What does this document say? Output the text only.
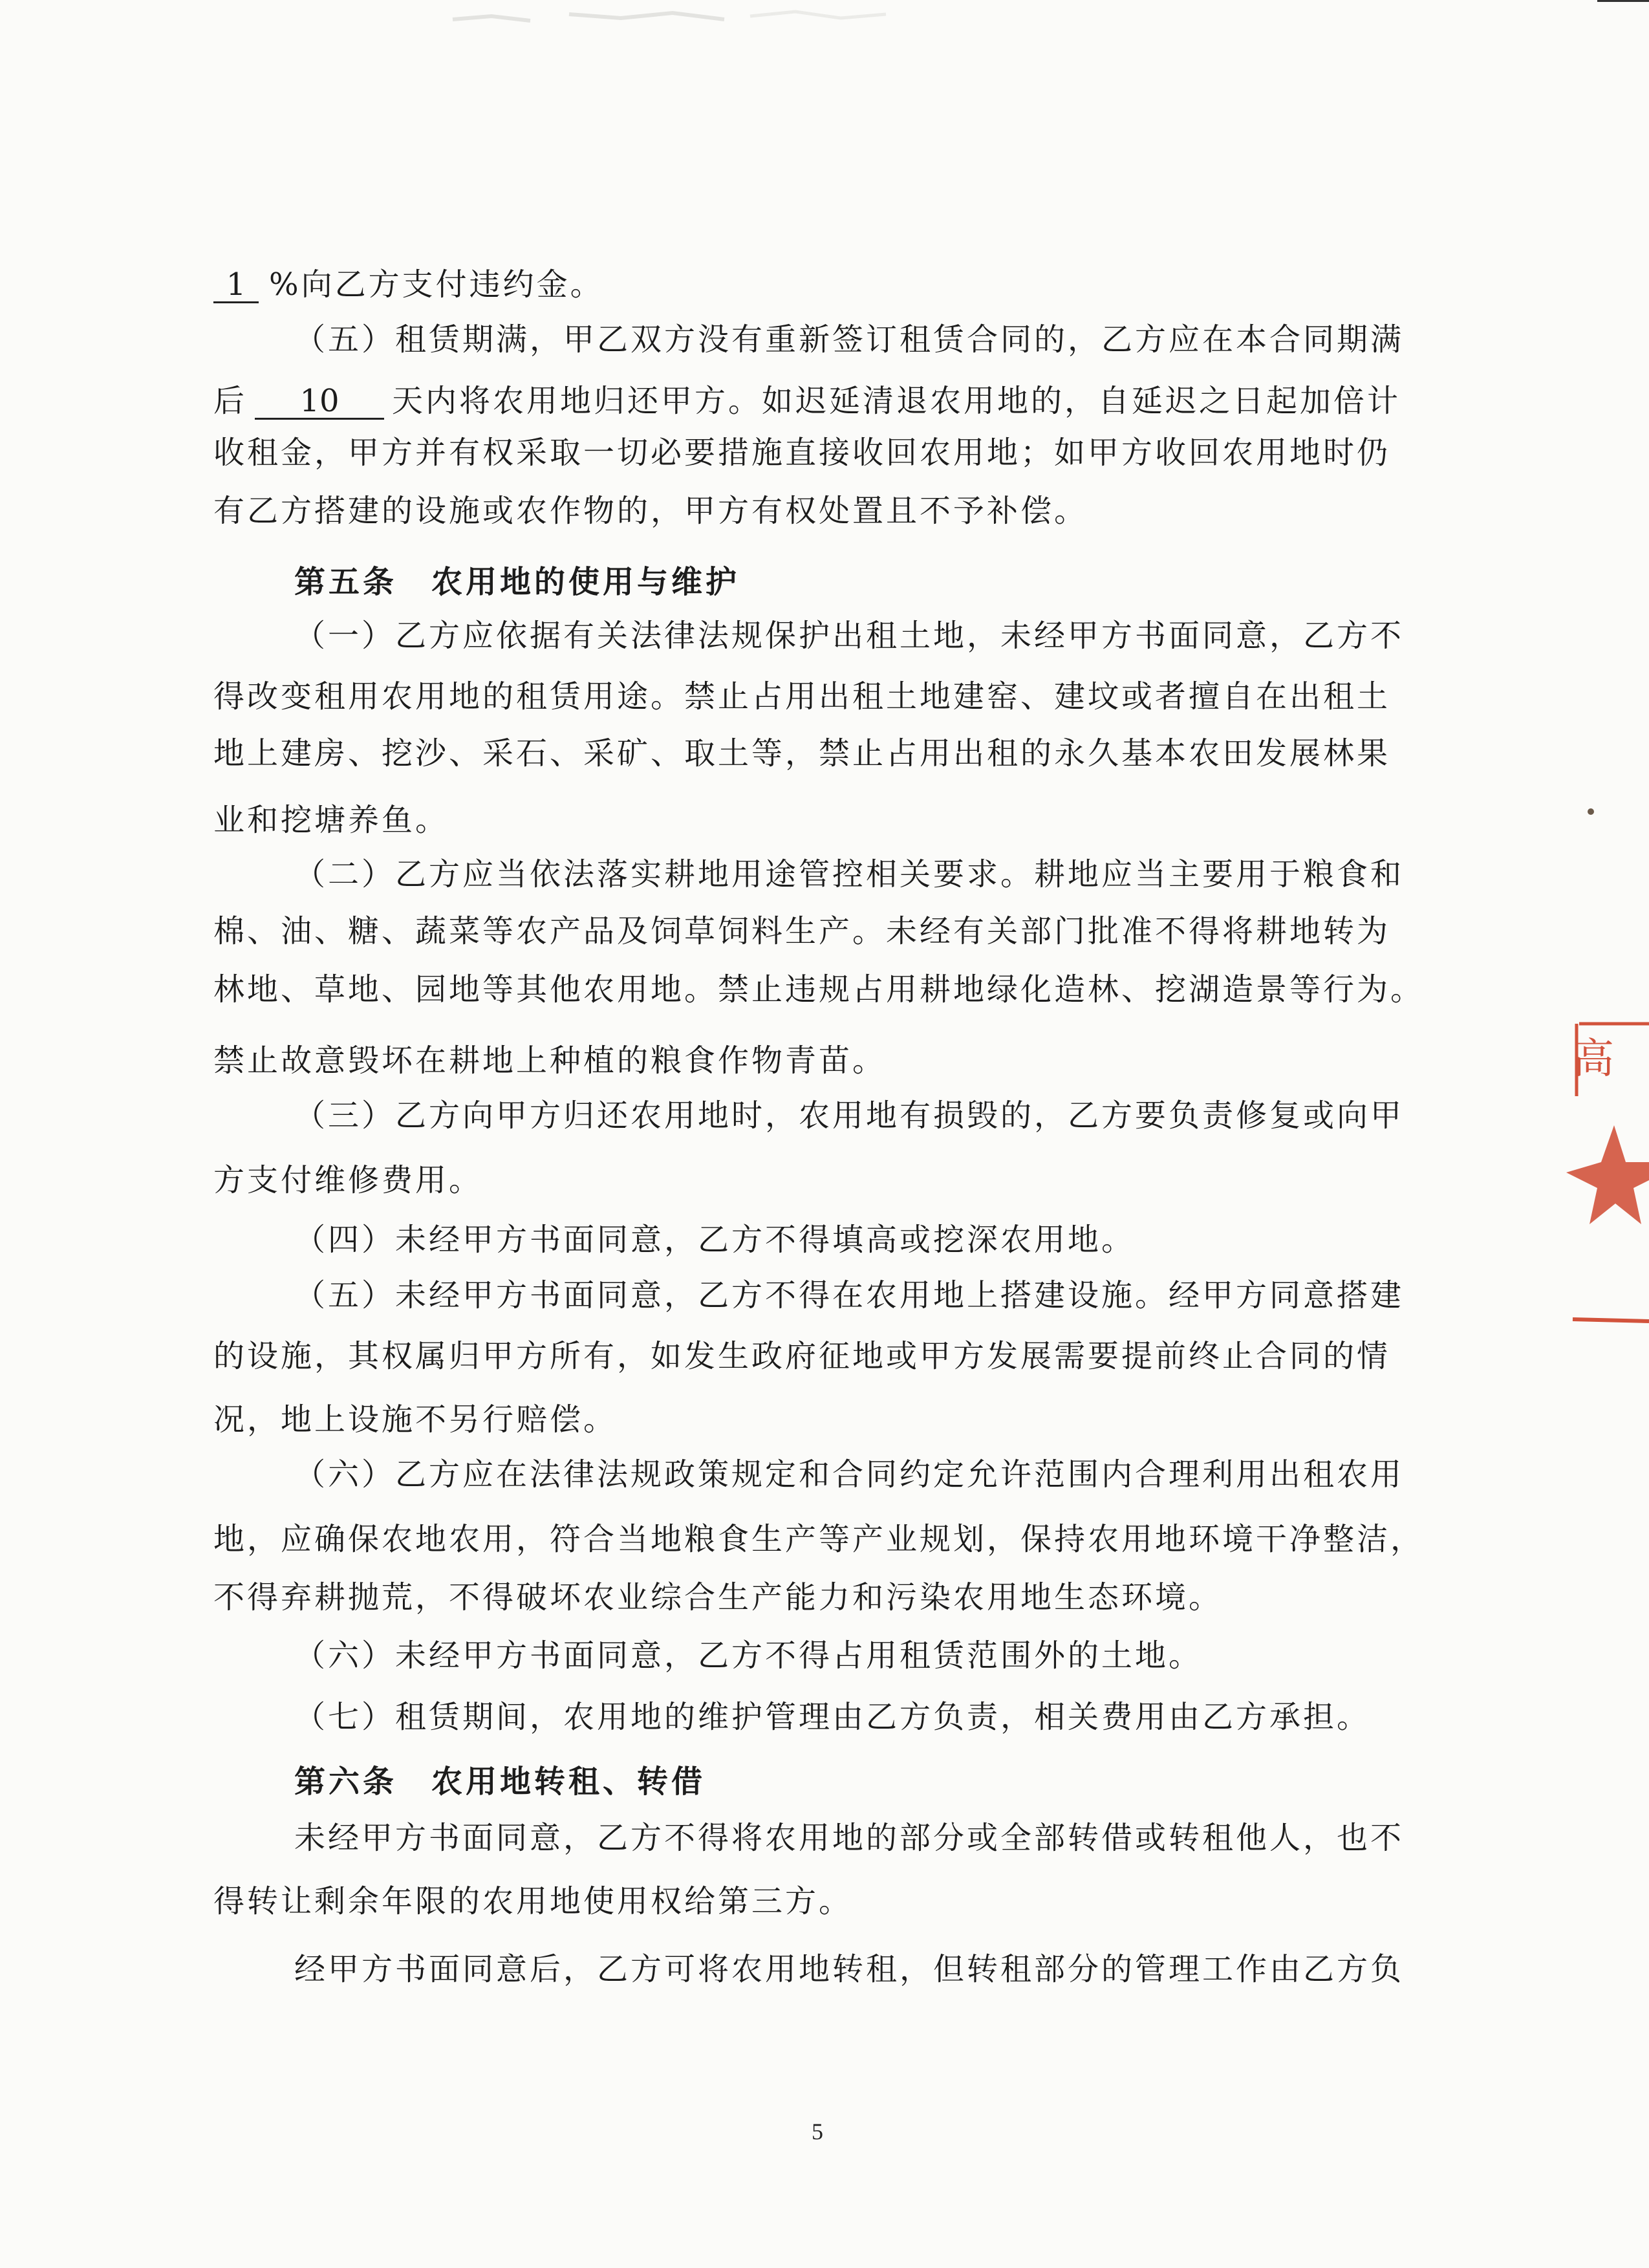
1 %向乙方支付违约金。
（五）租赁期满，甲乙双方没有重新签订租赁合同的，乙方应在本合同期满
后 10 天内将农用地归还甲方。如迟延清退农用地的，自延迟之日起加倍计
收租金，甲方并有权采取一切必要措施直接收回农用地；如甲方收回农用地时仍
有乙方搭建的设施或农作物的，甲方有权处置且不予补偿。
第五条　农用地的使用与维护
（一）乙方应依据有关法律法规保护出租土地，未经甲方书面同意，乙方不
得改变租用农用地的租赁用途。禁止占用出租土地建窑、建坟或者擅自在出租土
地上建房、挖沙、采石、采矿、取土等，禁止占用出租的永久基本农田发展林果
业和挖塘养鱼。
（二）乙方应当依法落实耕地用途管控相关要求。耕地应当主要用于粮食和
棉、油、糖、蔬菜等农产品及饲草饲料生产。未经有关部门批准不得将耕地转为
林地、草地、园地等其他农用地。禁止违规占用耕地绿化造林、挖湖造景等行为。
禁止故意毁坏在耕地上种植的粮食作物青苗。
（三）乙方向甲方归还农用地时，农用地有损毁的，乙方要负责修复或向甲
方支付维修费用。
（四）未经甲方书面同意，乙方不得填高或挖深农用地。
（五）未经甲方书面同意，乙方不得在农用地上搭建设施。经甲方同意搭建
的设施，其权属归甲方所有，如发生政府征地或甲方发展需要提前终止合同的情
况，地上设施不另行赔偿。
（六）乙方应在法律法规政策规定和合同约定允许范围内合理利用出租农用
地，应确保农地农用，符合当地粮食生产等产业规划，保持农用地环境干净整洁，
不得弃耕抛荒，不得破坏农业综合生产能力和污染农用地生态环境。
（六）未经甲方书面同意，乙方不得占用租赁范围外的土地。
（七）租赁期间，农用地的维护管理由乙方负责，相关费用由乙方承担。
第六条　农用地转租、转借
未经甲方书面同意，乙方不得将农用地的部分或全部转借或转租他人，也不
得转让剩余年限的农用地使用权给第三方。
经甲方书面同意后，乙方可将农用地转租，但转租部分的管理工作由乙方负
5
高
